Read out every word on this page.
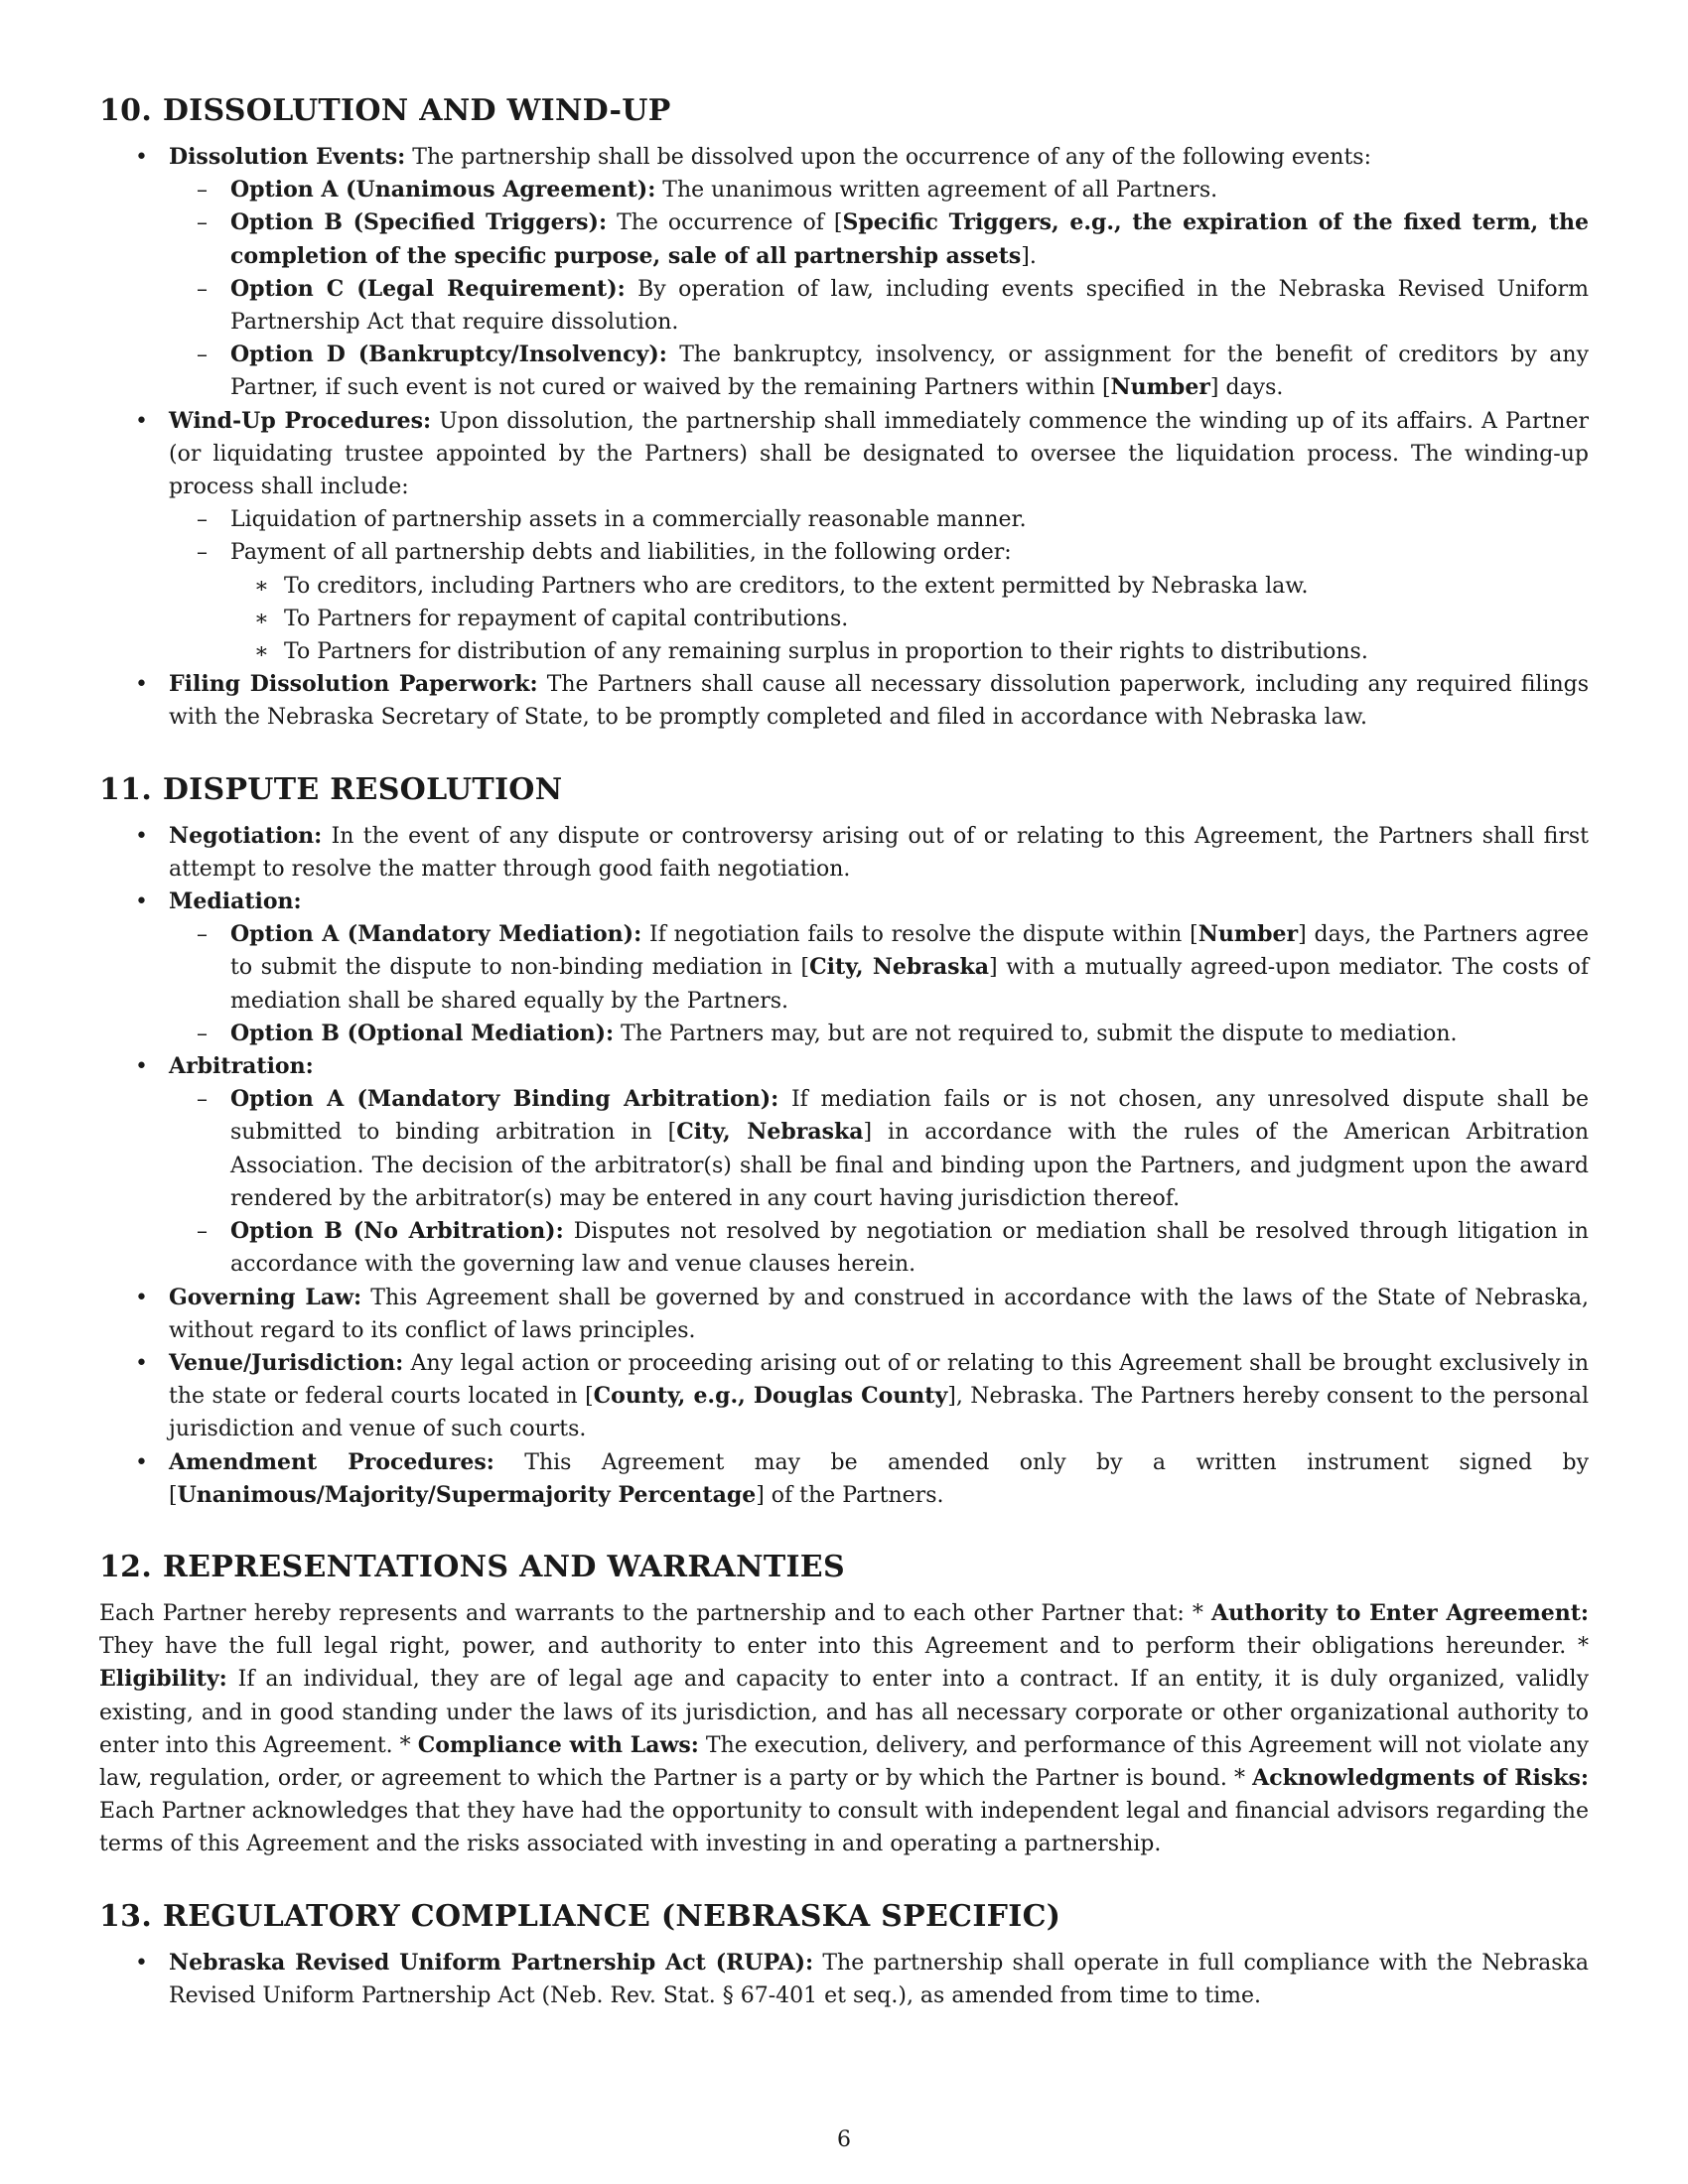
10. DISSOLUTION AND WIND-UP
• Dissolution Events: The partnership shall be dissolved upon the occurrence of any of the following events:
– Option A (Unanimous Agreement): The unanimous written agreement of all Partners.
– Option B (Specified Triggers): The occurrence of [Specific Triggers, e.g., the expiration of the fixed term, the completion of the specific purpose, sale of all partnership assets].
– Option C (Legal Requirement): By operation of law, including events specified in the Nebraska Revised Uniform Partnership Act that require dissolution.
– Option D (Bankruptcy/Insolvency): The bankruptcy, insolvency, or assignment for the benefit of creditors by any Partner, if such event is not cured or waived by the remaining Partners within [Number] days.
• Wind-Up Procedures: Upon dissolution, the partnership shall immediately commence the winding up of its affairs. A Partner (or liquidating trustee appointed by the Partners) shall be designated to oversee the liquidation process. The winding-up process shall include:
– Liquidation of partnership assets in a commercially reasonable manner.
– Payment of all partnership debts and liabilities, in the following order:
∗ To creditors, including Partners who are creditors, to the extent permitted by Nebraska law.
∗ To Partners for repayment of capital contributions.
∗ To Partners for distribution of any remaining surplus in proportion to their rights to distributions.
• Filing Dissolution Paperwork: The Partners shall cause all necessary dissolution paperwork, including any required filings with the Nebraska Secretary of State, to be promptly completed and filed in accordance with Nebraska law.
11. DISPUTE RESOLUTION
• Negotiation: In the event of any dispute or controversy arising out of or relating to this Agreement, the Partners shall first attempt to resolve the matter through good faith negotiation.
• Mediation:
– Option A (Mandatory Mediation): If negotiation fails to resolve the dispute within [Number] days, the Partners agree to submit the dispute to non-binding mediation in [City, Nebraska] with a mutually agreed-upon mediator. The costs of mediation shall be shared equally by the Partners.
– Option B (Optional Mediation): The Partners may, but are not required to, submit the dispute to mediation.
• Arbitration:
– Option A (Mandatory Binding Arbitration): If mediation fails or is not chosen, any unresolved dispute shall be submitted to binding arbitration in [City, Nebraska] in accordance with the rules of the American Arbitration Association. The decision of the arbitrator(s) shall be final and binding upon the Partners, and judgment upon the award rendered by the arbitrator(s) may be entered in any court having jurisdiction thereof.
– Option B (No Arbitration): Disputes not resolved by negotiation or mediation shall be resolved through litigation in accordance with the governing law and venue clauses herein.
• Governing Law: This Agreement shall be governed by and construed in accordance with the laws of the State of Nebraska, without regard to its conflict of laws principles.
• Venue/Jurisdiction: Any legal action or proceeding arising out of or relating to this Agreement shall be brought exclusively in the state or federal courts located in [County, e.g., Douglas County], Nebraska. The Partners hereby consent to the personal jurisdiction and venue of such courts.
• Amendment Procedures: This Agreement may be amended only by a written instrument signed by [Unanimous/Majority/Supermajority Percentage] of the Partners.
12. REPRESENTATIONS AND WARRANTIES

Each Partner hereby represents and warrants to the partnership and to each other Partner that: * Authority to Enter Agreement: They have the full legal right, power, and authority to enter into this Agreement and to perform their obligations hereunder. * Eligibility: If an individual, they are of legal age and capacity to enter into a contract. If an entity, it is duly organized, validly existing, and in good standing under the laws of its jurisdiction, and has all necessary corporate or other organizational authority to enter into this Agreement. * Compliance with Laws: The execution, delivery, and performance of this Agreement will not violate any law, regulation, order, or agreement to which the Partner is a party or by which the Partner is bound. * Acknowledgments of Risks: Each Partner acknowledges that they have had the opportunity to consult with independent legal and financial advisors regarding the terms of this Agreement and the risks associated with investing in and operating a partnership.

13. REGULATORY COMPLIANCE (NEBRASKA SPECIFIC)
• Nebraska Revised Uniform Partnership Act (RUPA): The partnership shall operate in full compliance with the Nebraska Revised Uniform Partnership Act (Neb. Rev. Stat. § 67-401 et seq.), as amended from time to time.
6
